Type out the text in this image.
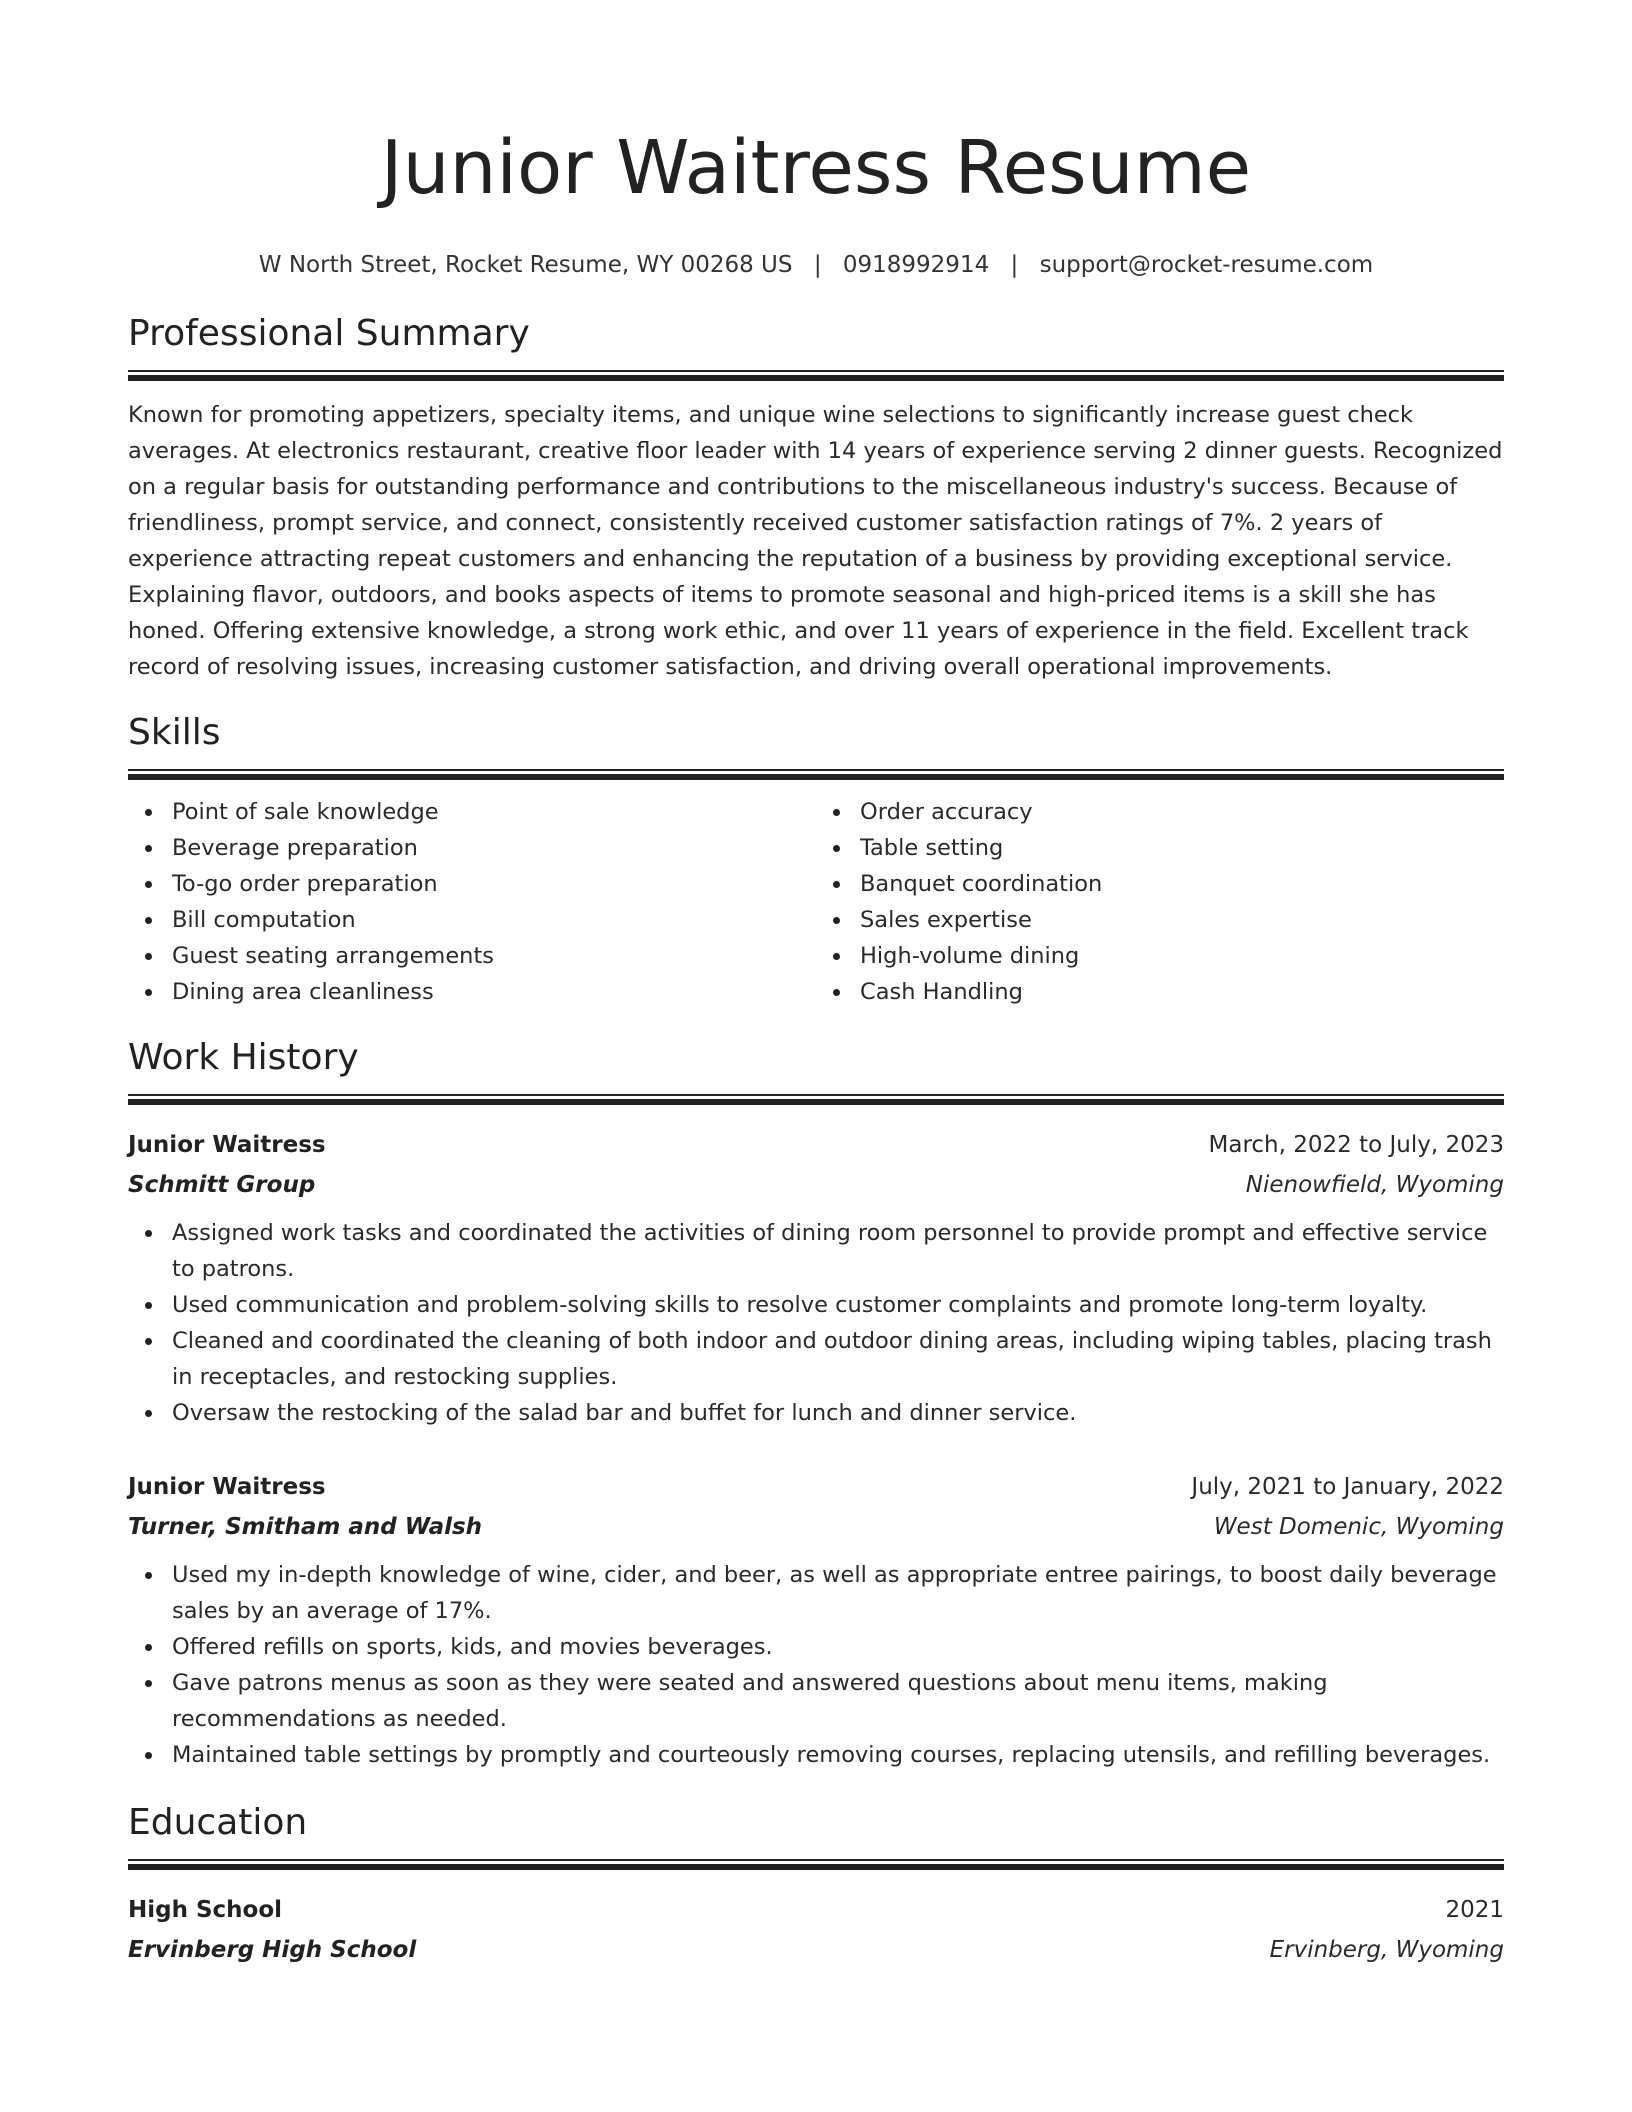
Junior Waitress Resume
W North Street, Rocket Resume, WY 00268 US | 0918992914 | support@rocket-resume.com
Professional Summary

Known for promoting appetizers, specialty items, and unique wine selections to significantly increase guest check averages. At electronics restaurant, creative floor leader with 14 years of experience serving 2 dinner guests. Recognized on a regular basis for outstanding performance and contributions to the miscellaneous industry's success. Because of friendliness, prompt service, and connect, consistently received customer satisfaction ratings of 7%. 2 years of experience attracting repeat customers and enhancing the reputation of a business by providing exceptional service. Explaining flavor, outdoors, and books aspects of items to promote seasonal and high-priced items is a skill she has honed. Offering extensive knowledge, a strong work ethic, and over 11 years of experience in the field. Excellent track record of resolving issues, increasing customer satisfaction, and driving overall operational improvements.

Skills
Point of sale knowledge
Beverage preparation
To-go order preparation
Bill computation
Guest seating arrangements
Dining area cleanliness
Order accuracy
Table setting
Banquet coordination
Sales expertise
High-volume dining
Cash Handling
Work History
Junior Waitress	March, 2022 to July, 2023
Schmitt Group	Nienowfield, Wyoming
Assigned work tasks and coordinated the activities of dining room personnel to provide prompt and effective service to patrons.
Used communication and problem-solving skills to resolve customer complaints and promote long-term loyalty.
Cleaned and coordinated the cleaning of both indoor and outdoor dining areas, including wiping tables, placing trash in receptacles, and restocking supplies.
Oversaw the restocking of the salad bar and buffet for lunch and dinner service.
Junior Waitress	July, 2021 to January, 2022
Turner, Smitham and Walsh	West Domenic, Wyoming
Used my in-depth knowledge of wine, cider, and beer, as well as appropriate entree pairings, to boost daily beverage sales by an average of 17%.
Offered refills on sports, kids, and movies beverages.
Gave patrons menus as soon as they were seated and answered questions about menu items, making recommendations as needed.
Maintained table settings by promptly and courteously removing courses, replacing utensils, and refilling beverages.
Education
High School	2021
Ervinberg High School	Ervinberg, Wyoming
